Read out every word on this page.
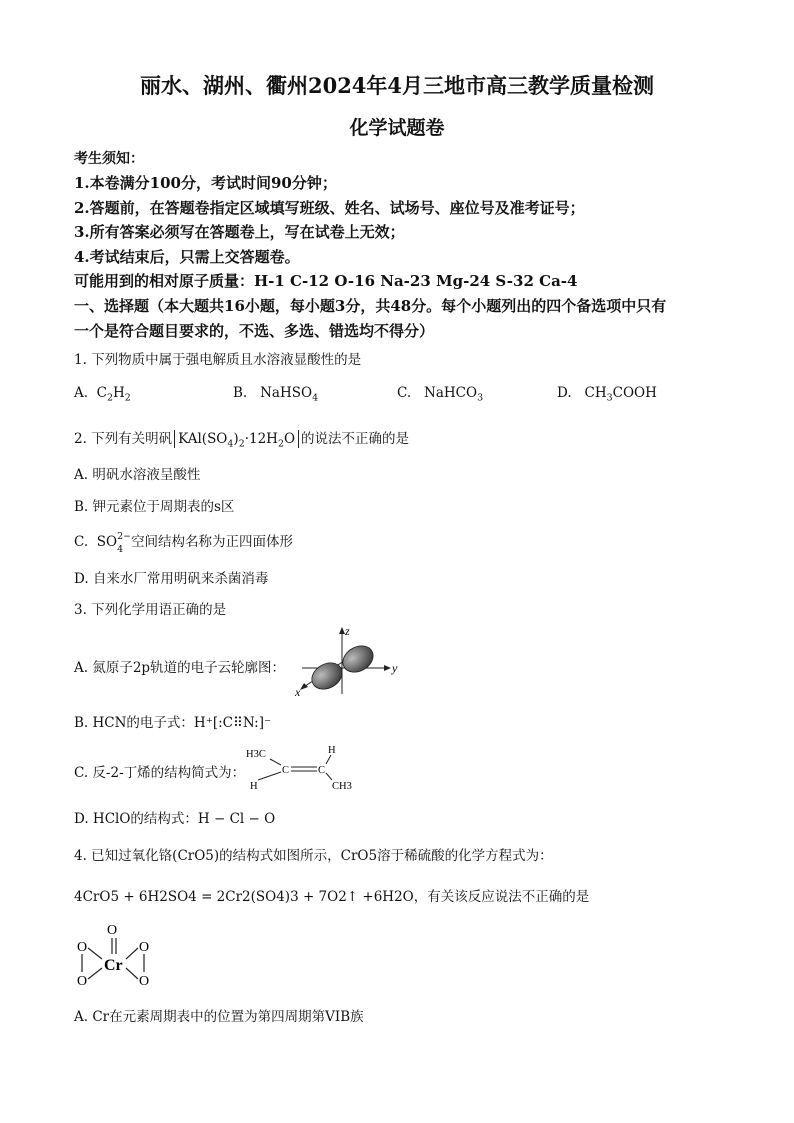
丽水、湖州、衢州2024年4月三地市高三教学质量检测
化学试题卷
考生须知：
1.本卷满分100分，考试时间90分钟；
2.答题前，在答题卷指定区域填写班级、姓名、试场号、座位号及准考证号；
3.所有答案必须写在答题卷上，写在试卷上无效；
4.考试结束后，只需上交答题卷。
可能用到的相对原子质量：H-1 C-12 O-16 Na-23 Mg-24 S-32 Ca-4
一、选择题（本大题共16小题，每小题3分，共48分。每个小题列出的四个备选项中只有
一个是符合题目要求的，不选、多选、错选均不得分）
1. 下列物质中属于强电解质且水溶液显酸性的是
A. $C_2H_2$	B. NaHSO$_4$	C. NaHCO$_3$	D. $CH_3COOH$
2. 下列有关明矾 $KAl(SO_4)_2\cdot 12H_2O$ 的说法不正确的是
A. 明矾水溶液呈酸性
B. 钾元素位于周期表的s区
C. SO 2−
4 空间结构名称为正四面体形
D. 自来水厂常用明矾来杀菌消毒
3. 下列化学用语正确的是
A. 氮原子2p轨道的电子云轮廓图：
z
y
x
B. HCN的电子式：H⁺[:C⠿N:]⁻
C. 反-2-丁烯的结构简式为：
H3C
H
C	C
H
CH3
D. HClO的结构式：H − Cl − O
4. 已知过氧化铬(CrO5)的结构式如图所示，CrO5溶于稀硫酸的化学方程式为：
4CrO5 + 6H2SO4 = 2Cr2(SO4)3 + 7O2↑ +6H2O，有关该反应说法不正确的是
O
Cr
O
O
O
O
A. Cr在元素周期表中的位置为第四周期第VIB族
